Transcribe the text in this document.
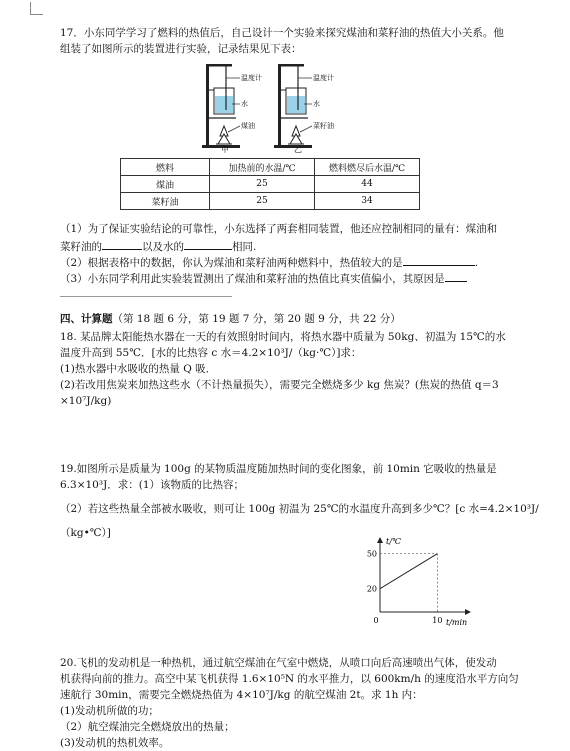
17．小东同学学习了燃料的热值后，自己设计一个实验来探究煤油和菜籽油的热值大小关系。他
组装了如图所示的装置进行实验，记录结果见下表：
温度计
水
煤油
温度计
水
菜籽油
甲	乙
燃料	加热前的水温/℃	燃料燃尽后水温/℃
煤油	25	44
菜籽油	25	34
（1）为了保证实验结论的可靠性，小东选择了两套相同装置，他还应控制相同的量有：煤油和
菜籽油的	以及水的	相同.
（2）根据表格中的数据，你认为煤油和菜籽油两种燃料中，热值较大的是	.
（3）小东同学利用此实验装置测出了煤油和菜籽油的热值比真实值偏小，其原因是
四、计算题（第 18 题 6 分，第 19 题 7 分，第 20 题 9 分，共 22 分）
18. 某品牌太阳能热水器在一天的有效照射时间内，将热水器中质量为 50kg、初温为 15℃的水
温度升高到 55℃．[水的比热容 c 水＝4.2×10³J/（kg·℃）]求：
(1)热水器中水吸收的热量 Q 吸．
(2)若改用焦炭来加热这些水（不计热量损失），需要完全燃烧多少 kg 焦炭？(焦炭的热值 q＝3
×10⁷J/kg)
19.如图所示是质量为 100g 的某物质温度随加热时间的变化图象，前 10min 它吸收的热量是
6.3×10³J．求：(1）该物质的比热容；
（2）若这些热量全部被水吸收，则可让 100g 初温为 25℃的水温度升高到多少℃？[c 水=4.2×10³J/
（kg•℃）]
20
50
0	10
t/℃
t/min
20.飞机的发动机是一种热机，通过航空煤油在气室中燃烧，从喷口向后高速喷出气体，使发动
机获得向前的推力。高空中某飞机获得 1.6×10⁵N 的水平推力，以 600km/h 的速度沿水平方向匀
速航行 30min，需要完全燃烧热值为 4×10⁷J/kg 的航空煤油 2t。求 1h 内：
(1)发动机所做的功；
（2）航空煤油完全燃烧放出的热量；
(3)发动机的热机效率。
